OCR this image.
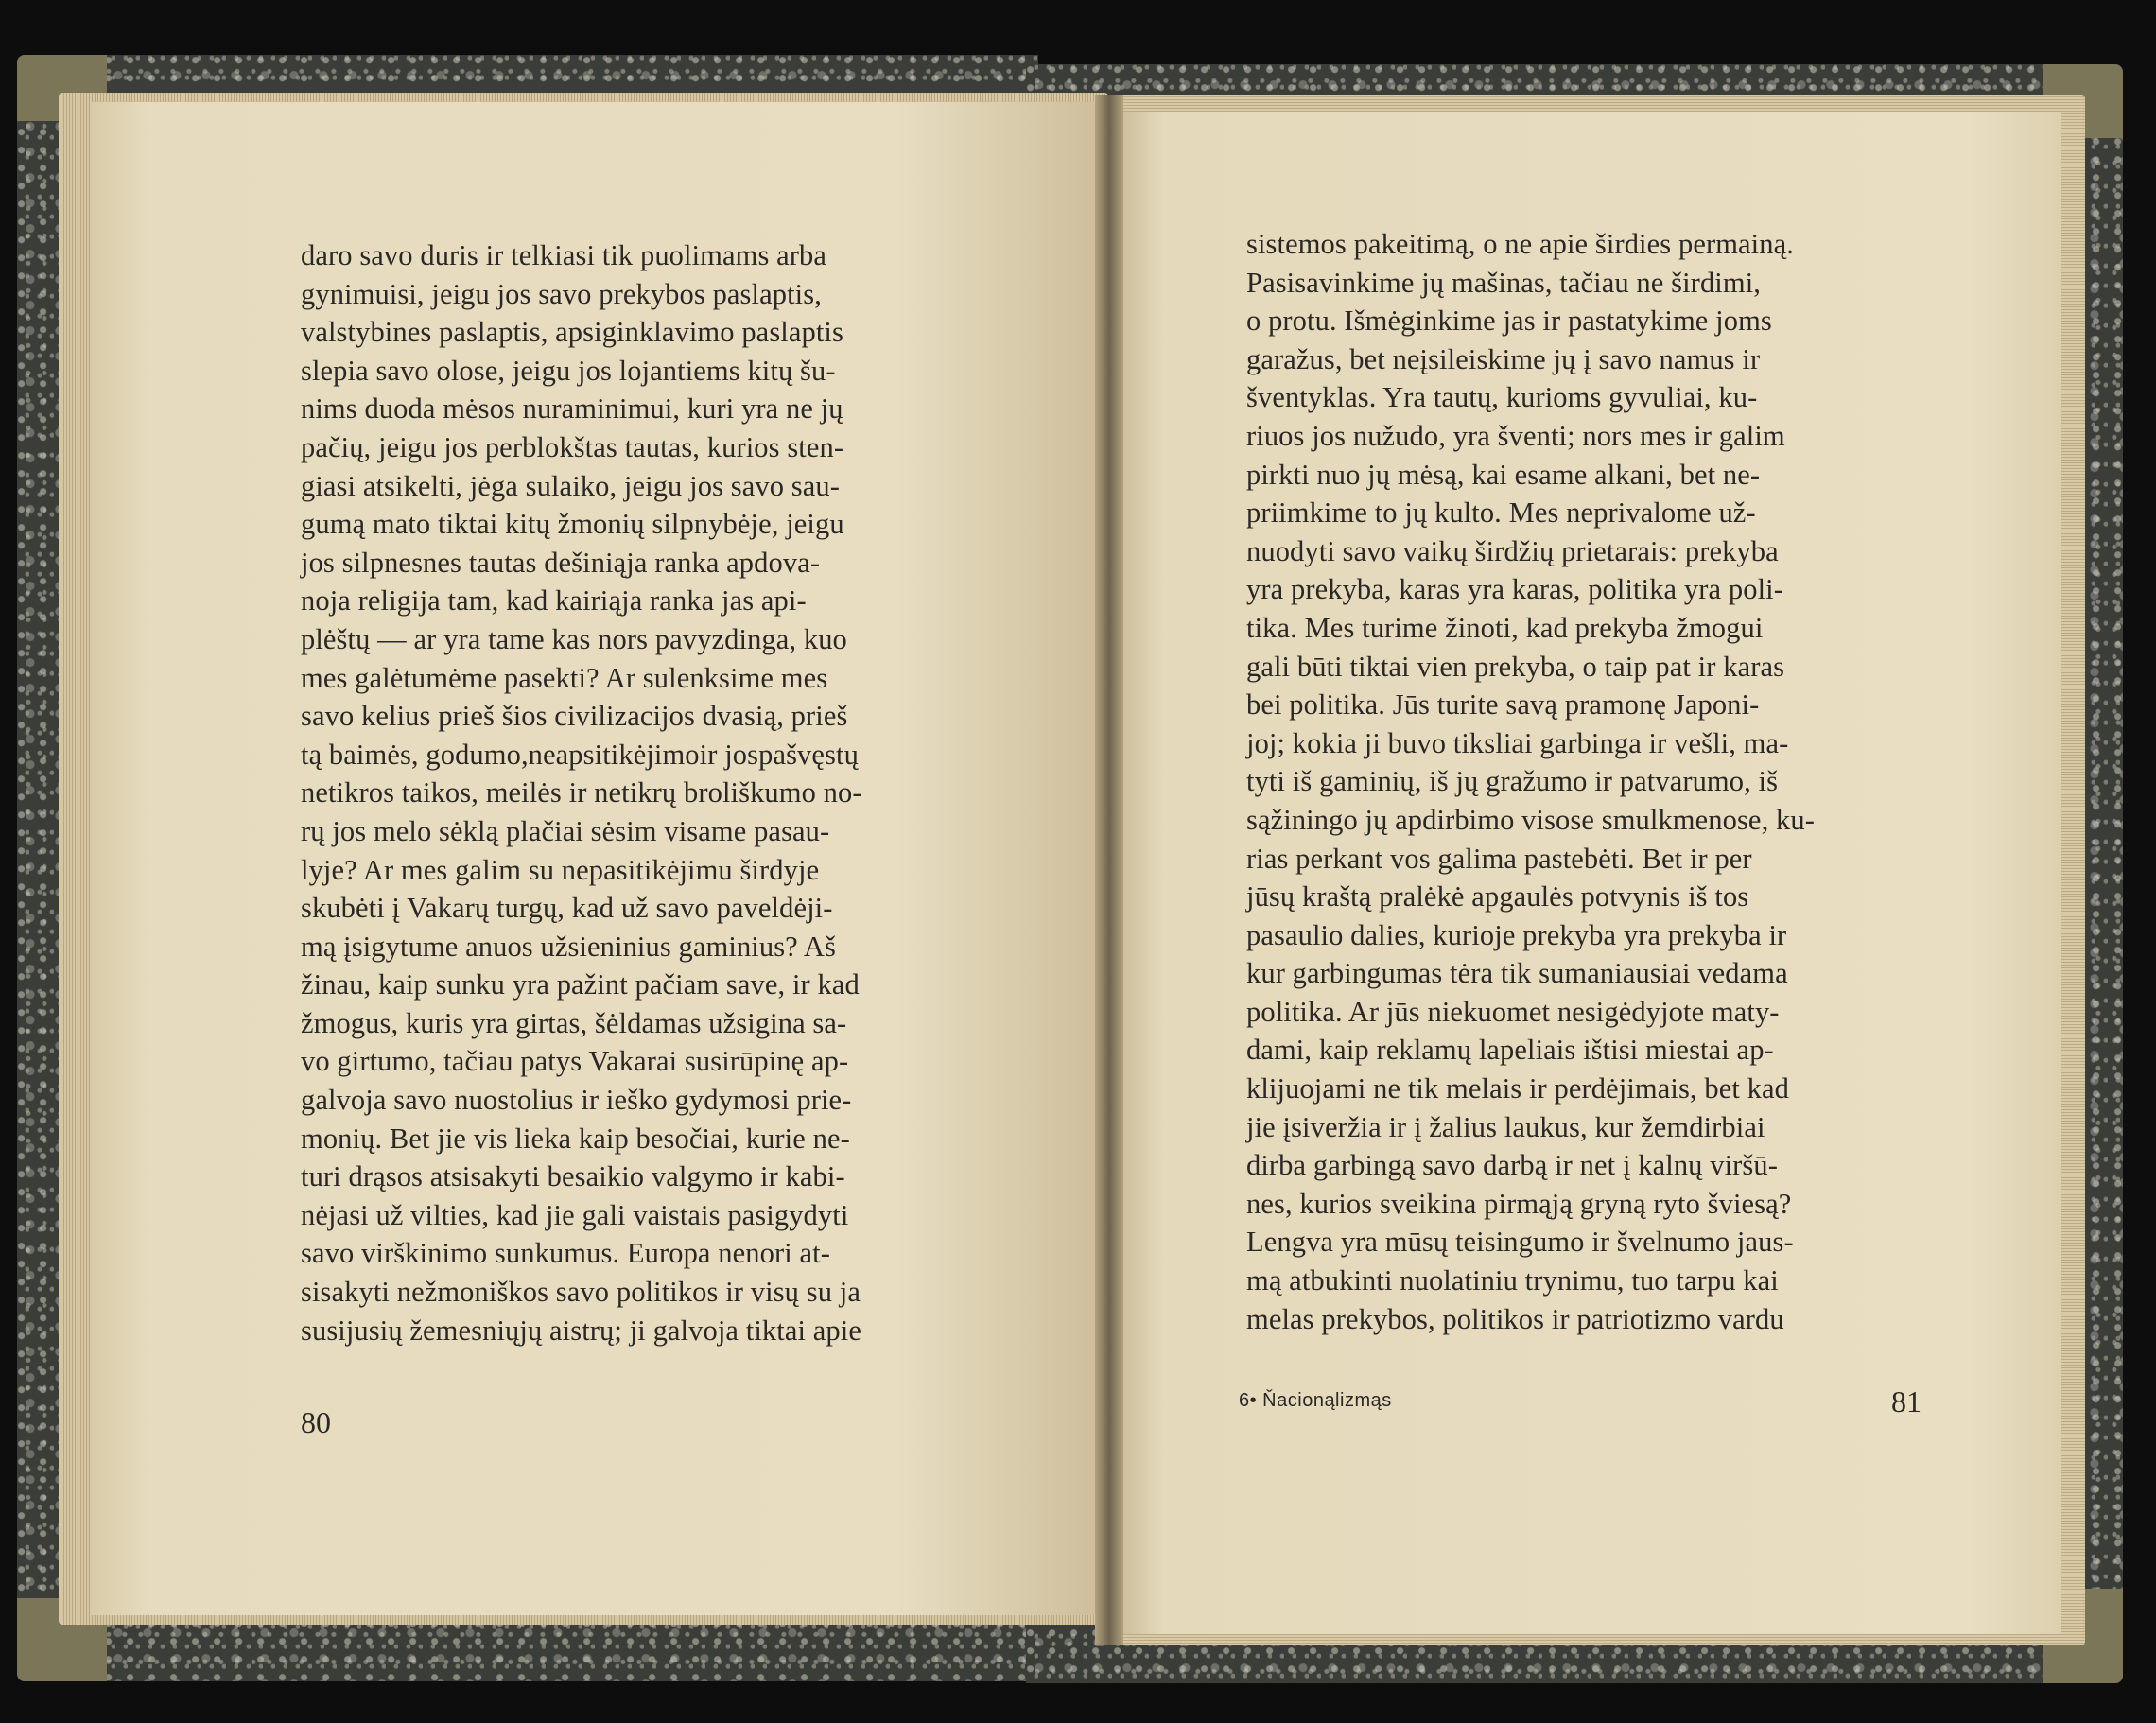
daro savo duris ir telkiasi tik puolimams arba
gynimuisi, jeigu jos savo prekybos paslaptis,
valstybines paslaptis, apsiginklavimo paslaptis
slepia savo olose, jeigu jos lojantiems kitų šu-
nims duoda mėsos nuraminimui, kuri yra ne jų
pačių, jeigu jos perblokštas tautas, kurios sten-
giasi atsikelti, jėga sulaiko, jeigu jos savo sau-
gumą mato tiktai kitų žmonių silpnybėje, jeigu
jos silpnesnes tautas dešiniąja ranka apdova-
noja religija tam, kad kairiąja ranka jas api-
plėštų — ar yra tame kas nors pavyzdinga, kuo
mes galėtumėme pasekti? Ar sulenksime mes
savo kelius prieš šios civilizacijos dvasią, prieš
tą baimės, godumo,neapsitikėjimoir jospašvęstų
netikros taikos, meilės ir netikrų broliškumo no-
rų jos melo sėklą plačiai sėsim visame pasau-
lyje? Ar mes galim su nepasitikėjimu širdyje
skubėti į Vakarų turgų, kad už savo paveldėji-
mą įsigytume anuos užsieninius gaminius? Aš
žinau, kaip sunku yra pažint pačiam save, ir kad
žmogus, kuris yra girtas, šėldamas užsigina sa-
vo girtumo, tačiau patys Vakarai susirūpinę ap-
galvoja savo nuostolius ir ieško gydymosi prie-
monių. Bet jie vis lieka kaip besočiai, kurie ne-
turi drąsos atsisakyti besaikio valgymo ir kabi-
nėjasi už vilties, kad jie gali vaistais pasigydyti
savo virškinimo sunkumus. Europa nenori at-
sisakyti nežmoniškos savo politikos ir visų su ja
susijusių žemesniųjų aistrų; ji galvoja tiktai apie
sistemos pakeitimą, o ne apie širdies permainą.
Pasisavinkime jų mašinas, tačiau ne širdimi,
o protu. Išmėginkime jas ir pastatykime joms
garažus, bet neįsileiskime jų į savo namus ir
šventyklas. Yra tautų, kurioms gyvuliai, ku-
riuos jos nužudo, yra šventi; nors mes ir galim
pirkti nuo jų mėsą, kai esame alkani, bet ne-
priimkime to jų kulto. Mes neprivalome už-
nuodyti savo vaikų širdžių prietarais: prekyba
yra prekyba, karas yra karas, politika yra poli-
tika. Mes turime žinoti, kad prekyba žmogui
gali būti tiktai vien prekyba, o taip pat ir karas
bei politika. Jūs turite savą pramonę Japoni-
joj; kokia ji buvo tiksliai garbinga ir vešli, ma-
tyti iš gaminių, iš jų gražumo ir patvarumo, iš
sąžiningo jų apdirbimo visose smulkmenose, ku-
rias perkant vos galima pastebėti. Bet ir per
jūsų kraštą pralėkė apgaulės potvynis iš tos
pasaulio dalies, kurioje prekyba yra prekyba ir
kur garbingumas tėra tik sumaniausiai vedama
politika. Ar jūs niekuomet nesigėdyjote maty-
dami, kaip reklamų lapeliais ištisi miestai ap-
klijuojami ne tik melais ir perdėjimais, bet kad
jie įsiveržia ir į žalius laukus, kur žemdirbiai
dirba garbingą savo darbą ir net į kalnų viršū-
nes, kurios sveikina pirmąją gryną ryto šviesą?
Lengva yra mūsų teisingumo ir švelnumo jaus-
mą atbukinti nuolatiniu trynimu, tuo tarpu kai
melas prekybos, politikos ir patriotizmo vardu
80
6• Ňacionąlizmąs	81
